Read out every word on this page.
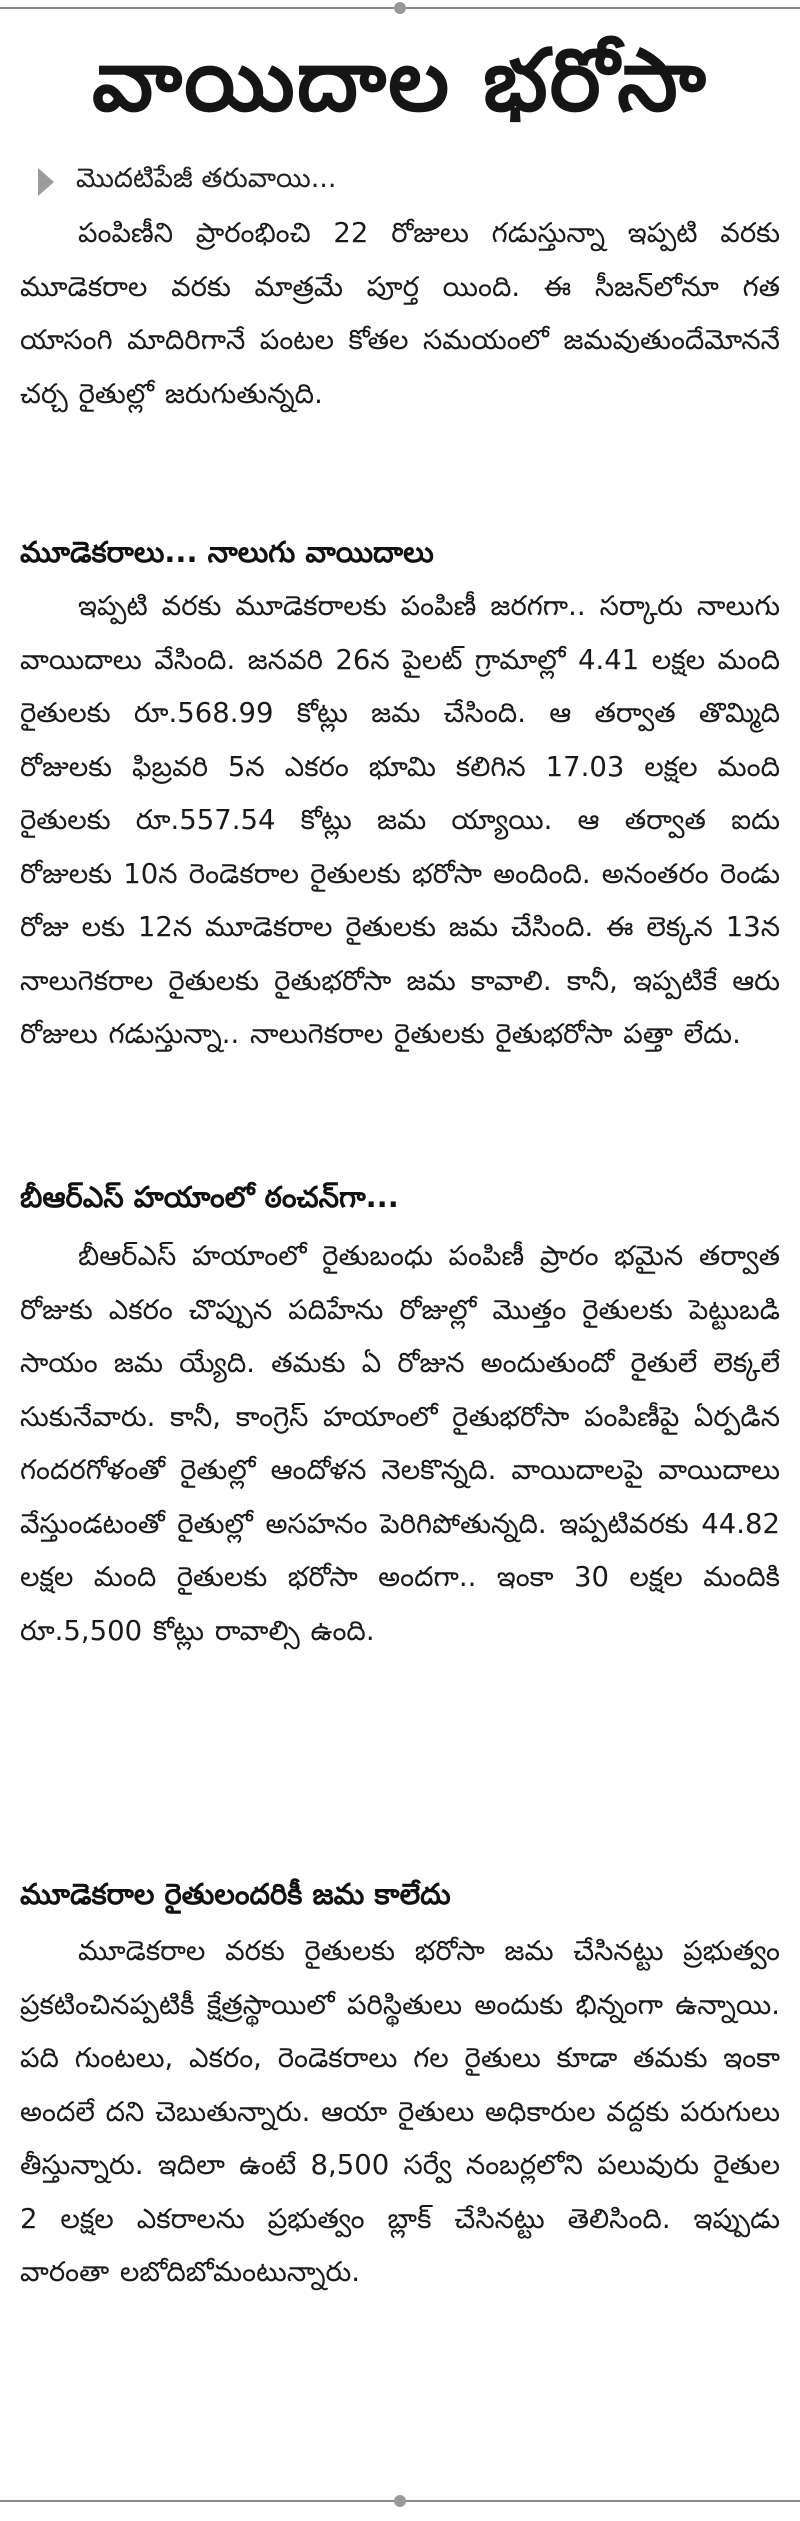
వాయిదాల భరోసా
మొదటిపేజీ తరువాయి...

పంపిణీని ప్రారంభించి 22 రోజులు గడుస్తున్నా ఇప్పటి వరకు మూడెకరాల వరకు మాత్రమే పూర్త యింది. ఈ సీజన్‌లోనూ గత యాసంగి మాదిరిగానే పంటల కోతల సమయంలో జమవుతుందేమోననే చర్చ రైతుల్లో జరుగుతున్నది.

మూడెకరాలు... నాలుగు వాయిదాలు

ఇప్పటి వరకు మూడెకరాలకు పంపిణీ జరగగా.. సర్కారు నాలుగు వాయిదాలు వేసింది. జనవరి 26న పైలట్ గ్రామాల్లో 4.41 లక్షల మంది రైతులకు రూ.568.99 కోట్లు జమ చేసింది. ఆ తర్వాత తొమ్మిది రోజులకు ఫిబ్రవరి 5న ఎకరం భూమి కలిగిన 17.03 లక్షల మంది రైతులకు రూ.557.54 కోట్లు జమ య్యాయి. ఆ తర్వాత ఐదు రోజులకు 10న రెండెకరాల రైతులకు భరోసా అందింది. అనంతరం రెండు రోజు లకు 12న మూడెకరాల రైతులకు జమ చేసింది. ఈ లెక్కన 13న నాలుగెకరాల రైతులకు రైతుభరోసా జమ కావాలి. కానీ, ఇప్పటికే ఆరు రోజులు గడుస్తున్నా.. నాలుగెకరాల రైతులకు రైతుభరోసా పత్తా లేదు.

బీఆర్ఎస్ హయాంలో ఠంచన్‌గా...

బీఆర్ఎస్ హయాంలో రైతుబంధు పంపిణీ ప్రారం భమైన తర్వాత రోజుకు ఎకరం చొప్పున పదిహేను రోజుల్లో మొత్తం రైతులకు పెట్టుబడి సాయం జమ య్యేది. తమకు ఏ రోజున అందుతుందో రైతులే లెక్కలే సుకునేవారు. కానీ, కాంగ్రెస్ హయాంలో రైతుభరోసా పంపిణీపై ఏర్పడిన గందరగోళంతో రైతుల్లో ఆందోళన నెలకొన్నది. వాయిదాలపై వాయిదాలు వేస్తుండటంతో రైతుల్లో అసహనం పెరిగిపోతున్నది. ఇప్పటివరకు 44.82 లక్షల మంది రైతులకు భరోసా అందగా.. ఇంకా 30 లక్షల మందికి రూ.5,500 కోట్లు రావాల్సి ఉంది.

మూడెకరాల రైతులందరికీ జమ కాలేదు

మూడెకరాల వరకు రైతులకు భరోసా జమ చేసినట్టు ప్రభుత్వం ప్రకటించినప్పటికీ క్షేత్రస్థాయిలో పరిస్థితులు అందుకు భిన్నంగా ఉన్నాయి. పది గుంటలు, ఎకరం, రెండెకరాలు గల రైతులు కూడా తమకు ఇంకా అందలే దని చెబుతున్నారు. ఆయా రైతులు అధికారుల వద్దకు పరుగులు తీస్తున్నారు. ఇదిలా ఉంటే 8,500 సర్వే నంబర్లలోని పలువురు రైతుల 2 లక్షల ఎకరాలను ప్రభుత్వం బ్లాక్ చేసినట్టు తెలిసింది. ఇప్పుడు వారంతా లబోదిబోమంటున్నారు.
